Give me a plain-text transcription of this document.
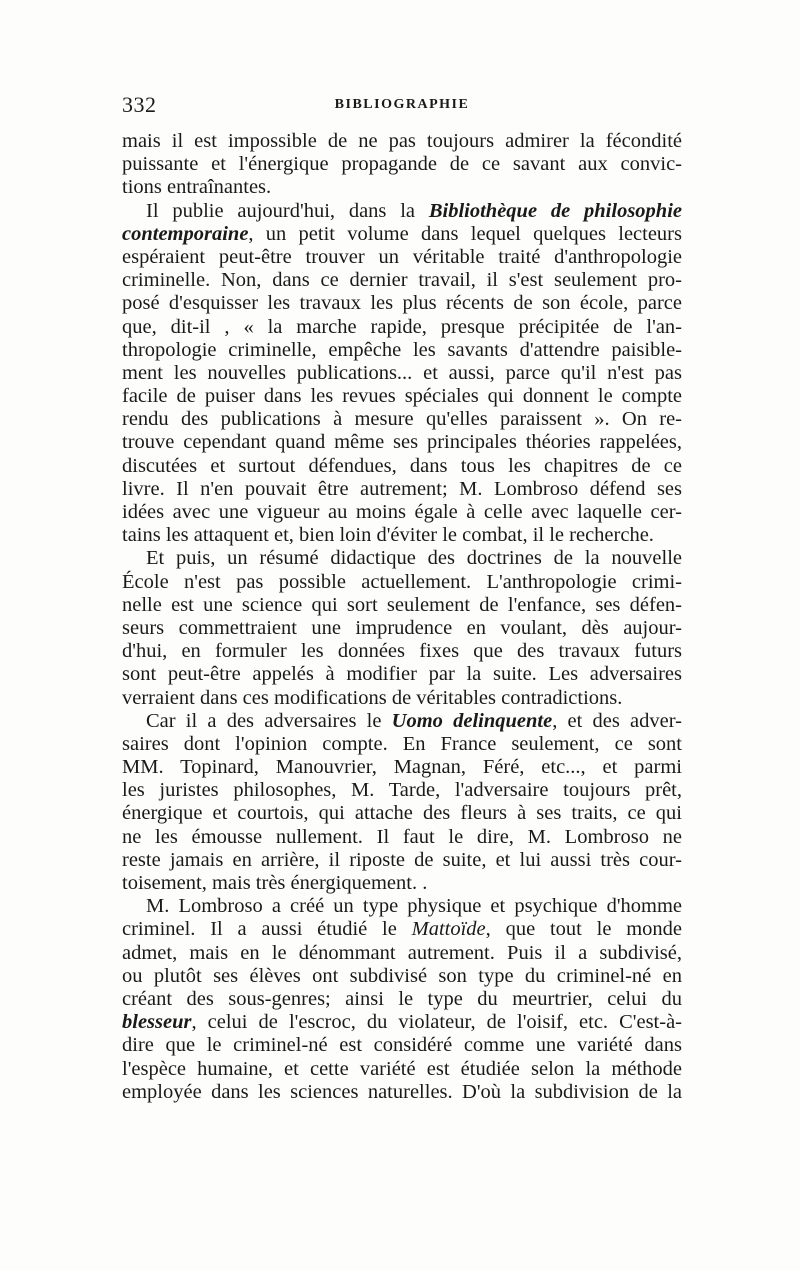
332	BIBLIOGRAPHIE
mais il est impossible de ne pas toujours admirer la fécondité
puissante et l'énergique propagande de ce savant aux convic-
tions entraînantes.
Il publie aujourd'hui, dans la Bibliothèque de philosophie
contemporaine, un petit volume dans lequel quelques lecteurs
espéraient peut-être trouver un véritable traité d'anthropologie
criminelle. Non, dans ce dernier travail, il s'est seulement pro-
posé d'esquisser les travaux les plus récents de son école, parce
que, dit-il , « la marche rapide, presque précipitée de l'an-
thropologie criminelle, empêche les savants d'attendre paisible-
ment les nouvelles publications... et aussi, parce qu'il n'est pas
facile de puiser dans les revues spéciales qui donnent le compte
rendu des publications à mesure qu'elles paraissent ». On re-
trouve cependant quand même ses principales théories rappelées,
discutées et surtout défendues, dans tous les chapitres de ce
livre. Il n'en pouvait être autrement; M. Lombroso défend ses
idées avec une vigueur au moins égale à celle avec laquelle cer-
tains les attaquent et, bien loin d'éviter le combat, il le recherche.
Et puis, un résumé didactique des doctrines de la nouvelle
École n'est pas possible actuellement. L'anthropologie crimi-
nelle est une science qui sort seulement de l'enfance, ses défen-
seurs commettraient une imprudence en voulant, dès aujour-
d'hui, en formuler les données fixes que des travaux futurs
sont peut-être appelés à modifier par la suite. Les adversaires
verraient dans ces modifications de véritables contradictions.
Car il a des adversaires le Uomo delinquente, et des adver-
saires dont l'opinion compte. En France seulement, ce sont
MM. Topinard, Manouvrier, Magnan, Féré, etc..., et parmi
les juristes philosophes, M. Tarde, l'adversaire toujours prêt,
énergique et courtois, qui attache des fleurs à ses traits, ce qui
ne les émousse nullement. Il faut le dire, M. Lombroso ne
reste jamais en arrière, il riposte de suite, et lui aussi très cour-
toisement, mais très énergiquement. .
M. Lombroso a créé un type physique et psychique d'homme
criminel. Il a aussi étudié le Mattoïde, que tout le monde
admet, mais en le dénommant autrement. Puis il a subdivisé,
ou plutôt ses élèves ont subdivisé son type du criminel-né en
créant des sous-genres; ainsi le type du meurtrier, celui du
blesseur, celui de l'escroc, du violateur, de l'oisif, etc. C'est-à-
dire que le criminel-né est considéré comme une variété dans
l'espèce humaine, et cette variété est étudiée selon la méthode
employée dans les sciences naturelles. D'où la subdivision de la
